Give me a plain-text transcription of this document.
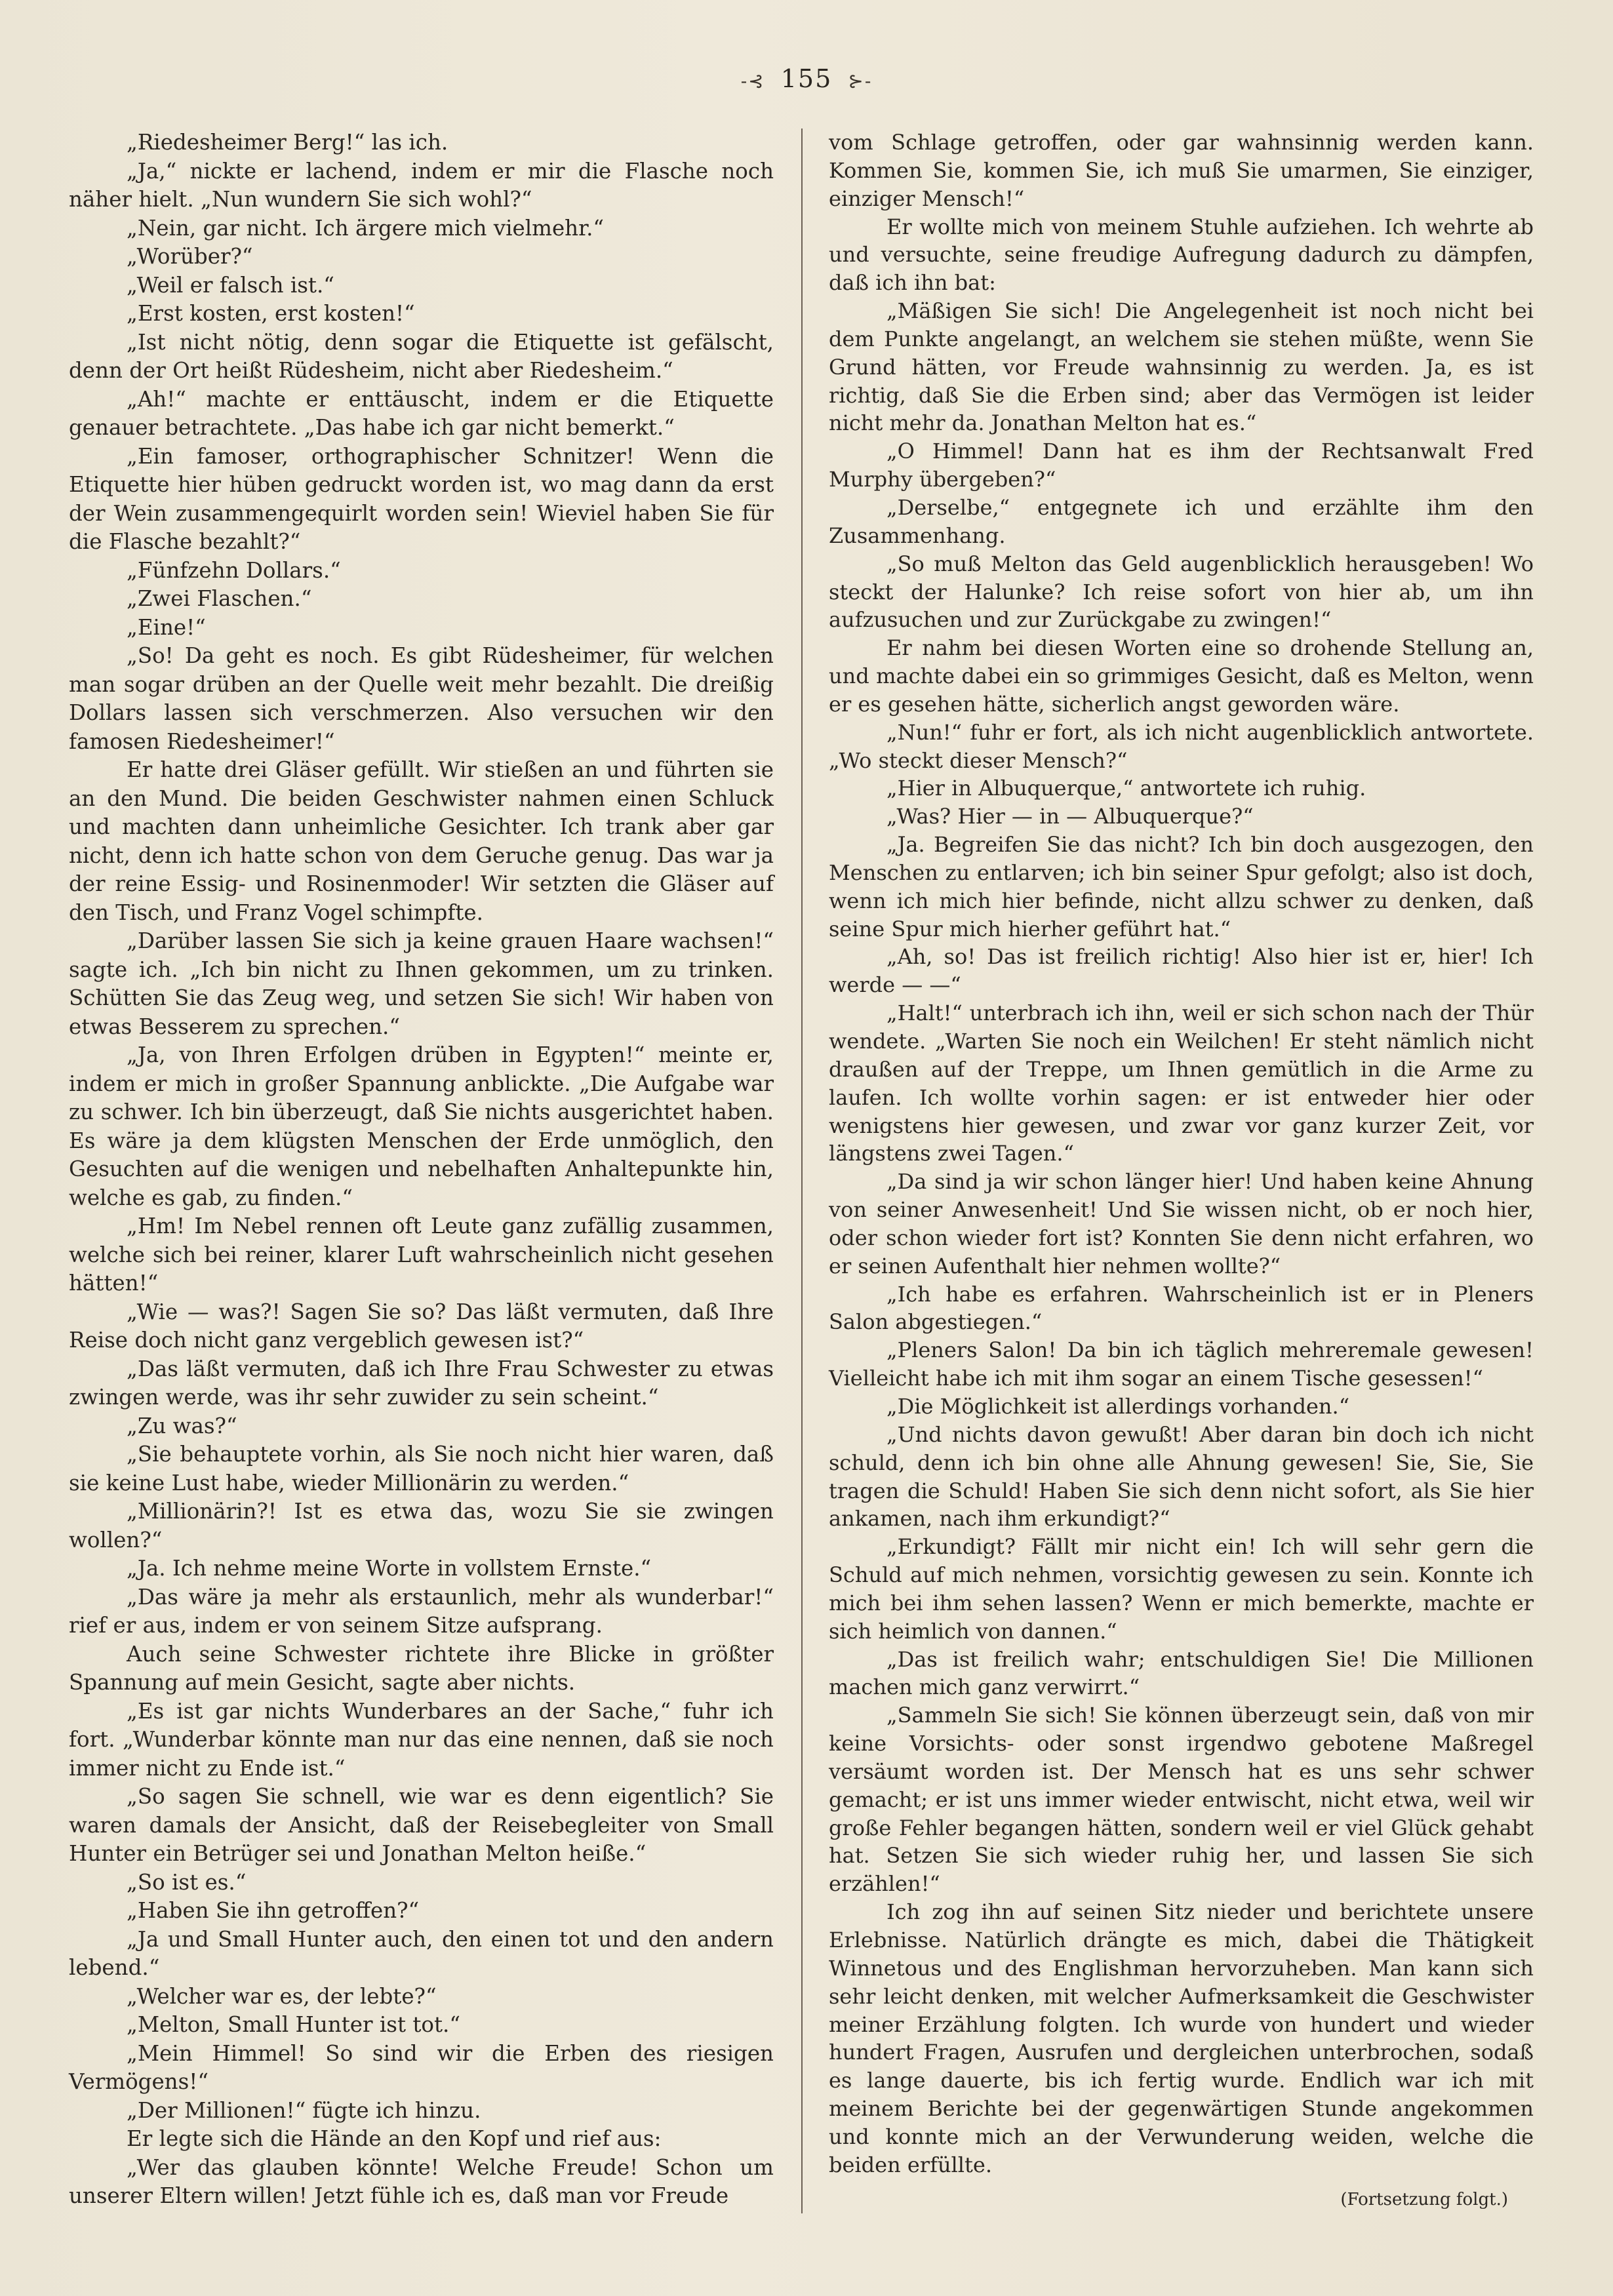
-⊰ 155 ⊱-

„Riedesheimer Berg!“ las ich.

„Ja,“ nickte er lachend, indem er mir die Flasche noch näher hielt. „Nun wundern Sie sich wohl?“

„Nein, gar nicht. Ich ärgere mich vielmehr.“

„Worüber?“

„Weil er falsch ist.“

„Erst kosten, erst kosten!“

„Ist nicht nötig, denn sogar die Etiquette ist gefälscht, denn der Ort heißt Rüdesheim, nicht aber Riedesheim.“

„Ah!“ machte er enttäuscht, indem er die Etiquette genauer betrachtete. „Das habe ich gar nicht bemerkt.“

„Ein famoser, orthographischer Schnitzer! Wenn die Etiquette hier hüben gedruckt worden ist, wo mag dann da erst der Wein zusammengequirlt worden sein! Wieviel haben Sie für die Flasche bezahlt?“

„Fünfzehn Dollars.“

„Zwei Flaschen.“

„Eine!“

„So! Da geht es noch. Es gibt Rüdesheimer, für welchen man sogar drüben an der Quelle weit mehr bezahlt. Die dreißig Dollars lassen sich verschmerzen. Also versuchen wir den famosen Riedesheimer!“

Er hatte drei Gläser gefüllt. Wir stießen an und führten sie an den Mund. Die beiden Geschwister nahmen einen Schluck und machten dann unheimliche Gesichter. Ich trank aber gar nicht, denn ich hatte schon von dem Geruche genug. Das war ja der reine Essig- und Rosinenmoder! Wir setzten die Gläser auf den Tisch, und Franz Vogel schimpfte.

„Darüber lassen Sie sich ja keine grauen Haare wachsen!“ sagte ich. „Ich bin nicht zu Ihnen gekommen, um zu trinken. Schütten Sie das Zeug weg, und setzen Sie sich! Wir haben von etwas Besserem zu sprechen.“

„Ja, von Ihren Erfolgen drüben in Egypten!“ meinte er, indem er mich in großer Spannung anblickte. „Die Aufgabe war zu schwer. Ich bin überzeugt, daß Sie nichts ausgerichtet haben. Es wäre ja dem klügsten Menschen der Erde unmöglich, den Gesuchten auf die wenigen und nebelhaften Anhaltepunkte hin, welche es gab, zu finden.“

„Hm! Im Nebel rennen oft Leute ganz zufällig zusammen, welche sich bei reiner, klarer Luft wahrscheinlich nicht gesehen hätten!“

„Wie — was?! Sagen Sie so? Das läßt vermuten, daß Ihre Reise doch nicht ganz vergeblich gewesen ist?“

„Das läßt vermuten, daß ich Ihre Frau Schwester zu etwas zwingen werde, was ihr sehr zuwider zu sein scheint.“

„Zu was?“

„Sie behauptete vorhin, als Sie noch nicht hier waren, daß sie keine Lust habe, wieder Millionärin zu werden.“

„Millionärin?! Ist es etwa das, wozu Sie sie zwingen wollen?“

„Ja. Ich nehme meine Worte in vollstem Ernste.“

„Das wäre ja mehr als erstaunlich, mehr als wunderbar!“ rief er aus, indem er von seinem Sitze aufsprang.

Auch seine Schwester richtete ihre Blicke in größter Spannung auf mein Gesicht, sagte aber nichts.

„Es ist gar nichts Wunderbares an der Sache,“ fuhr ich fort. „Wunderbar könnte man nur das eine nennen, daß sie noch immer nicht zu Ende ist.“

„So sagen Sie schnell, wie war es denn eigentlich? Sie waren damals der Ansicht, daß der Reisebegleiter von Small Hunter ein Betrüger sei und Jonathan Melton heiße.“

„So ist es.“

„Haben Sie ihn getroffen?“

„Ja und Small Hunter auch, den einen tot und den andern lebend.“

„Welcher war es, der lebte?“

„Melton, Small Hunter ist tot.“

„Mein Himmel! So sind wir die Erben des riesigen Vermögens!“

„Der Millionen!“ fügte ich hinzu.

Er legte sich die Hände an den Kopf und rief aus:

„Wer das glauben könnte! Welche Freude! Schon um unserer Eltern willen! Jetzt fühle ich es, daß man vor Freude

vom Schlage getroffen, oder gar wahnsinnig werden kann. Kommen Sie, kommen Sie, ich muß Sie umarmen, Sie einziger, einziger Mensch!“

Er wollte mich von meinem Stuhle aufziehen. Ich wehrte ab und versuchte, seine freudige Aufregung dadurch zu dämpfen, daß ich ihn bat:

„Mäßigen Sie sich! Die Angelegenheit ist noch nicht bei dem Punkte angelangt, an welchem sie stehen müßte, wenn Sie Grund hätten, vor Freude wahnsinnig zu werden. Ja, es ist richtig, daß Sie die Erben sind; aber das Vermögen ist leider nicht mehr da. Jonathan Melton hat es.“

„O Himmel! Dann hat es ihm der Rechtsanwalt Fred Murphy übergeben?“

„Derselbe,“ entgegnete ich und erzählte ihm den Zusammenhang.

„So muß Melton das Geld augenblicklich herausgeben! Wo steckt der Halunke? Ich reise sofort von hier ab, um ihn aufzusuchen und zur Zurückgabe zu zwingen!“

Er nahm bei diesen Worten eine so drohende Stellung an, und machte dabei ein so grimmiges Gesicht, daß es Melton, wenn er es gesehen hätte, sicherlich angst geworden wäre.

„Nun!“ fuhr er fort, als ich nicht augenblicklich antwortete. „Wo steckt dieser Mensch?“

„Hier in Albuquerque,“ antwortete ich ruhig.

„Was? Hier — in — Albuquerque?“

„Ja. Begreifen Sie das nicht? Ich bin doch ausgezogen, den Menschen zu entlarven; ich bin seiner Spur gefolgt; also ist doch, wenn ich mich hier befinde, nicht allzu schwer zu denken, daß seine Spur mich hierher geführt hat.“

„Ah, so! Das ist freilich richtig! Also hier ist er, hier! Ich werde — —“

„Halt!“ unterbrach ich ihn, weil er sich schon nach der Thür wendete. „Warten Sie noch ein Weilchen! Er steht nämlich nicht draußen auf der Treppe, um Ihnen gemütlich in die Arme zu laufen. Ich wollte vorhin sagen: er ist entweder hier oder wenigstens hier gewesen, und zwar vor ganz kurzer Zeit, vor längstens zwei Tagen.“

„Da sind ja wir schon länger hier! Und haben keine Ahnung von seiner Anwesenheit! Und Sie wissen nicht, ob er noch hier, oder schon wieder fort ist? Konnten Sie denn nicht erfahren, wo er seinen Aufenthalt hier nehmen wollte?“

„Ich habe es erfahren. Wahrscheinlich ist er in Pleners Salon abgestiegen.“

„Pleners Salon! Da bin ich täglich mehreremale gewesen! Vielleicht habe ich mit ihm sogar an einem Tische gesessen!“

„Die Möglichkeit ist allerdings vorhanden.“

„Und nichts davon gewußt! Aber daran bin doch ich nicht schuld, denn ich bin ohne alle Ahnung gewesen! Sie, Sie, Sie tragen die Schuld! Haben Sie sich denn nicht sofort, als Sie hier ankamen, nach ihm erkundigt?“

„Erkundigt? Fällt mir nicht ein! Ich will sehr gern die Schuld auf mich nehmen, vorsichtig gewesen zu sein. Konnte ich mich bei ihm sehen lassen? Wenn er mich bemerkte, machte er sich heimlich von dannen.“

„Das ist freilich wahr; entschuldigen Sie! Die Millionen machen mich ganz verwirrt.“

„Sammeln Sie sich! Sie können überzeugt sein, daß von mir keine Vorsichts- oder sonst irgendwo gebotene Maßregel versäumt worden ist. Der Mensch hat es uns sehr schwer gemacht; er ist uns immer wieder entwischt, nicht etwa, weil wir große Fehler begangen hätten, sondern weil er viel Glück gehabt hat. Setzen Sie sich wieder ruhig her, und lassen Sie sich erzählen!“

Ich zog ihn auf seinen Sitz nieder und berichtete unsere Erlebnisse. Natürlich drängte es mich, dabei die Thätigkeit Winnetous und des Englishman hervorzuheben. Man kann sich sehr leicht denken, mit welcher Aufmerksamkeit die Geschwister meiner Erzählung folgten. Ich wurde von hundert und wieder hundert Fragen, Ausrufen und dergleichen unterbrochen, sodaß es lange dauerte, bis ich fertig wurde. Endlich war ich mit meinem Berichte bei der gegenwärtigen Stunde angekommen und konnte mich an der Verwunderung weiden, welche die beiden erfüllte.

(Fortsetzung folgt.)
